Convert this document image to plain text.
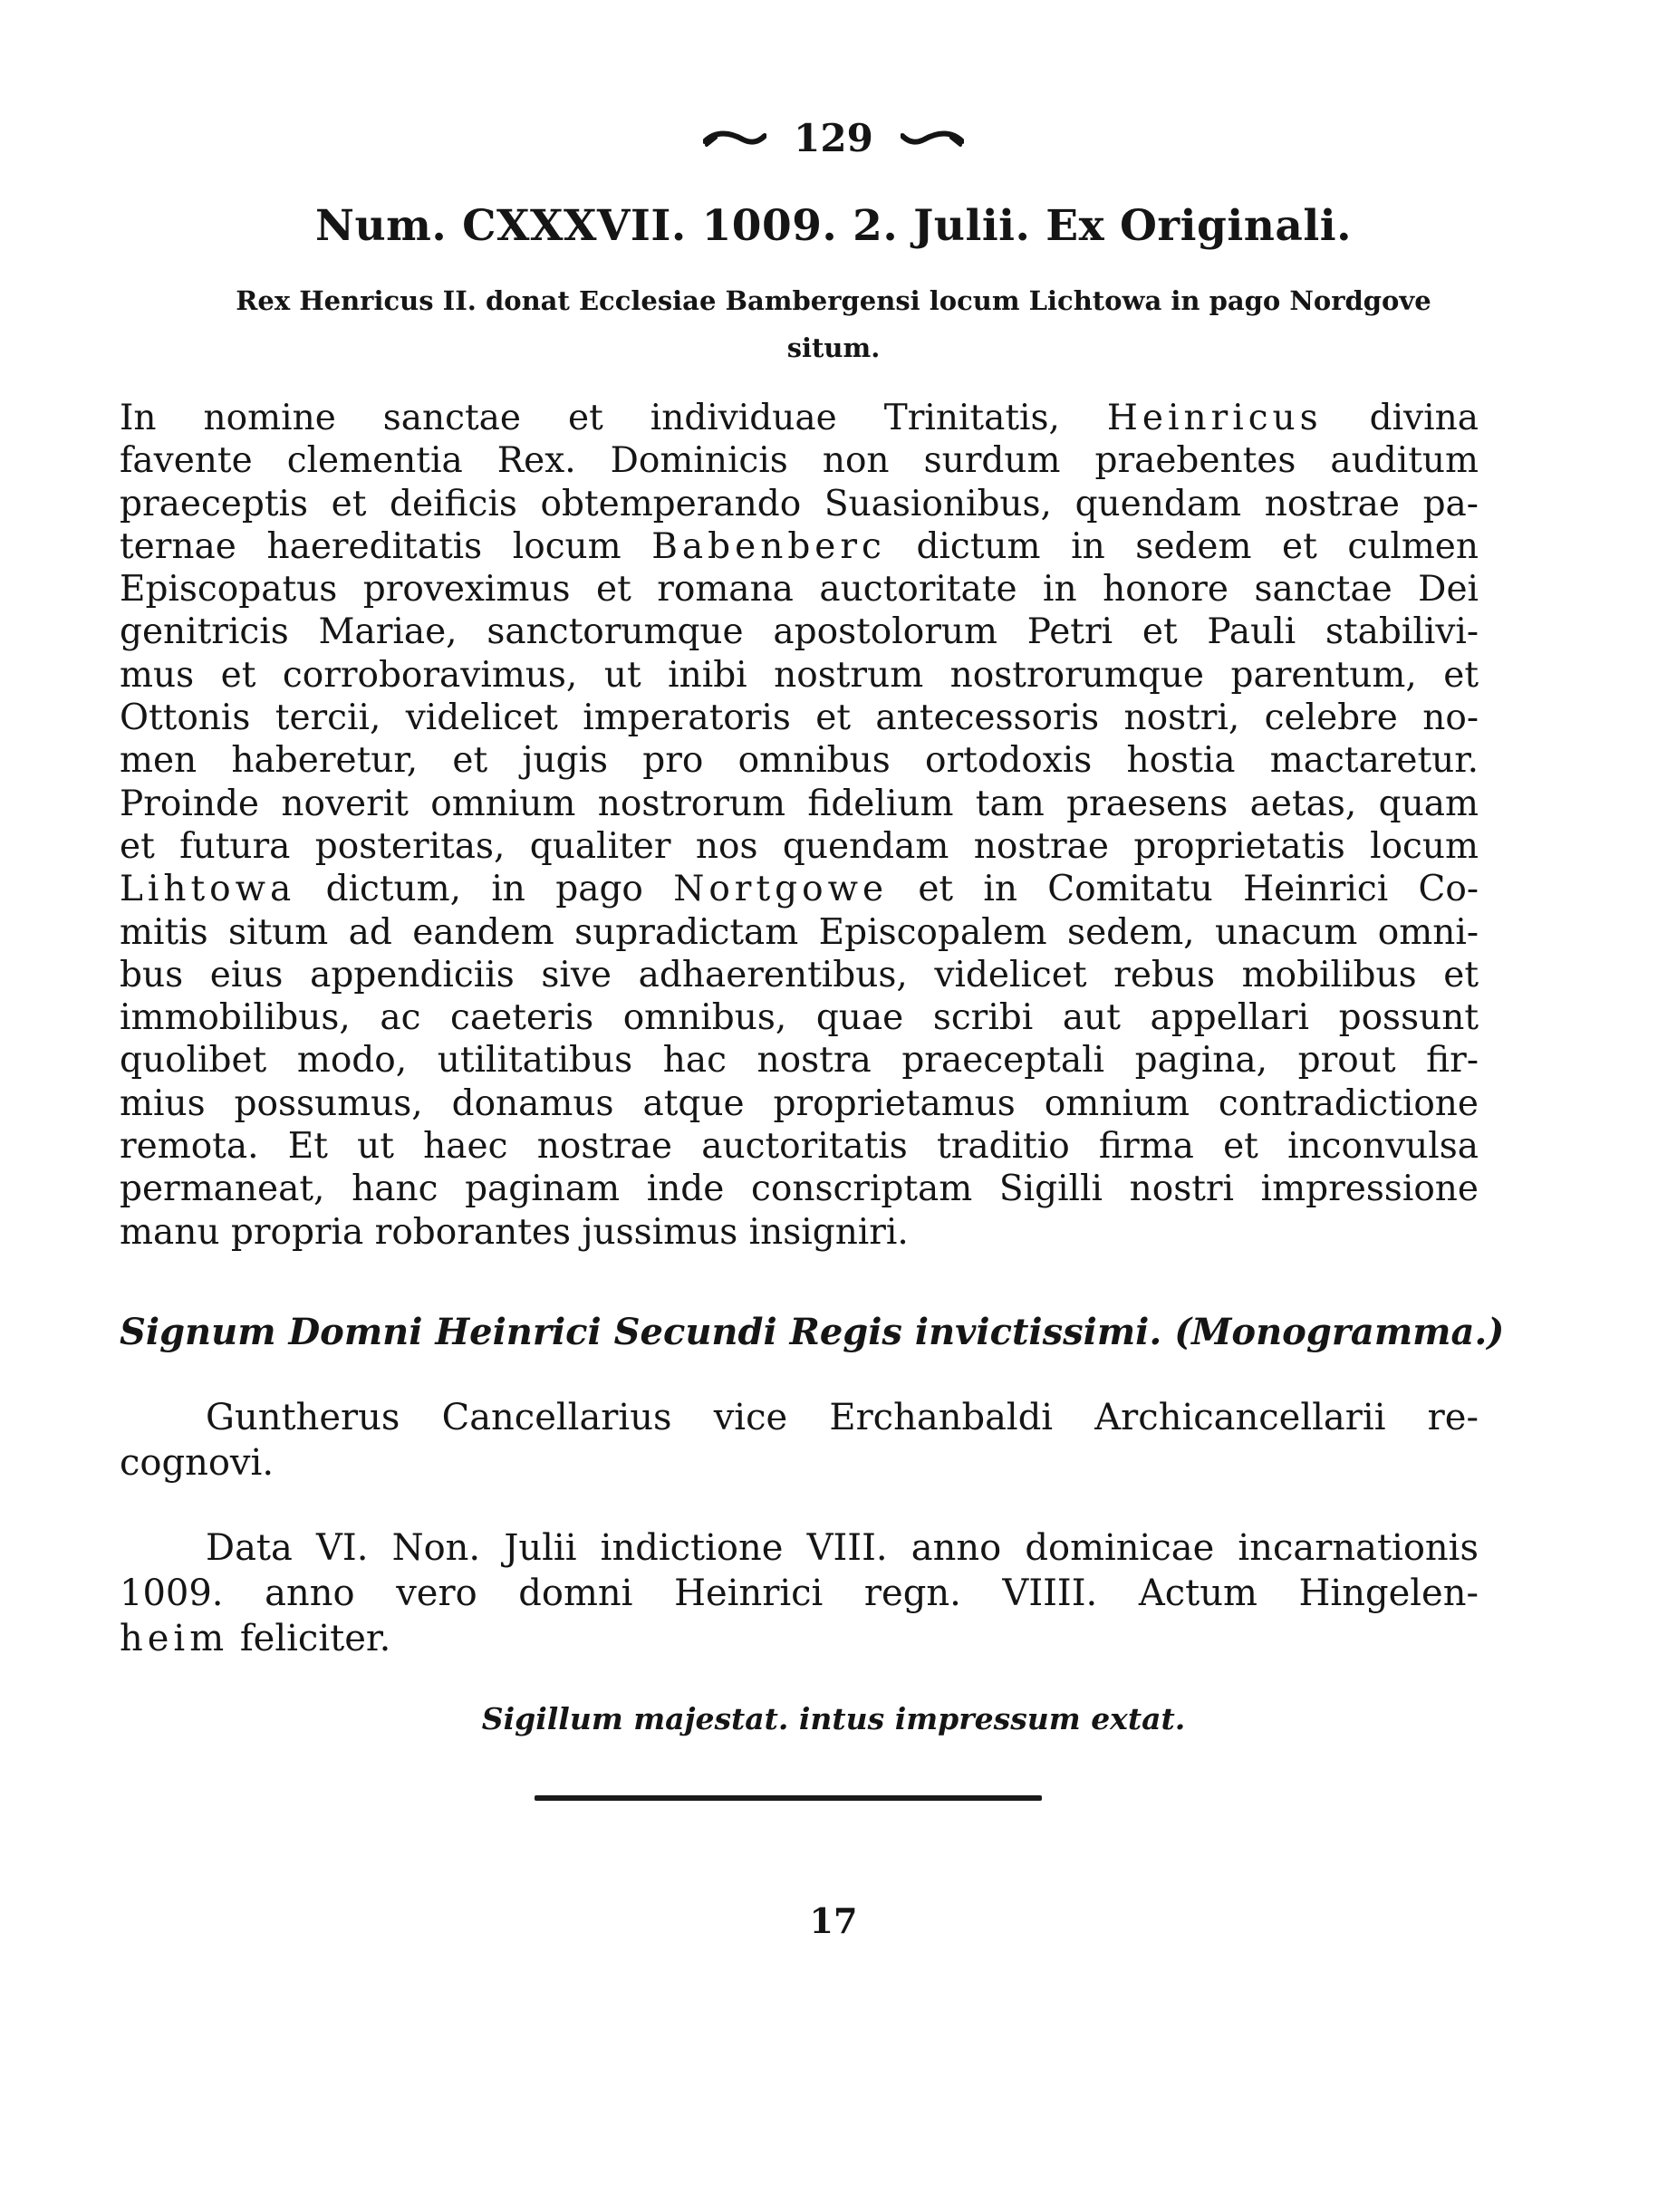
129
Num. CXXXVII. 1009. 2. Julii. Ex Originali.
Rex Henricus II. donat Ecclesiae Bambergensi locum Lichtowa in pago Nordgove
situm.
In nomine sanctae et individuae Trinitatis, Heinricus divina
favente clementia Rex. Dominicis non surdum praebentes auditum
praeceptis et deificis obtemperando Suasionibus, quendam nostrae pa-
ternae haereditatis locum Babenberc dictum in sedem et culmen
Episcopatus proveximus et romana auctoritate in honore sanctae Dei
genitricis Mariae, sanctorumque apostolorum Petri et Pauli stabilivi-
mus et corroboravimus, ut inibi nostrum nostrorumque parentum, et
Ottonis tercii, videlicet imperatoris et antecessoris nostri, celebre no-
men haberetur, et jugis pro omnibus ortodoxis hostia mactaretur.
Proinde noverit omnium nostrorum fidelium tam praesens aetas, quam
et futura posteritas, qualiter nos quendam nostrae proprietatis locum
Lihtowa dictum, in pago Nortgowe et in Comitatu Heinrici Co-
mitis situm ad eandem supradictam Episcopalem sedem, unacum omni-
bus eius appendiciis sive adhaerentibus, videlicet rebus mobilibus et
immobilibus, ac caeteris omnibus, quae scribi aut appellari possunt
quolibet modo, utilitatibus hac nostra praeceptali pagina, prout fir-
mius possumus, donamus atque proprietamus omnium contradictione
remota. Et ut haec nostrae auctoritatis traditio firma et inconvulsa
permaneat, hanc paginam inde conscriptam Sigilli nostri impressione
manu propria roborantes jussimus insigniri.
Signum Domni Heinrici Secundi Regis invictissimi. (Monogramma.)
Guntherus Cancellarius vice Erchanbaldi Archicancellarii re-
cognovi.
Data VI. Non. Julii indictione VIII. anno dominicae incarnationis
1009. anno vero domni Heinrici regn. VIIII. Actum Hingelen-
heim feliciter.
Sigillum majestat. intus impressum extat.
17
